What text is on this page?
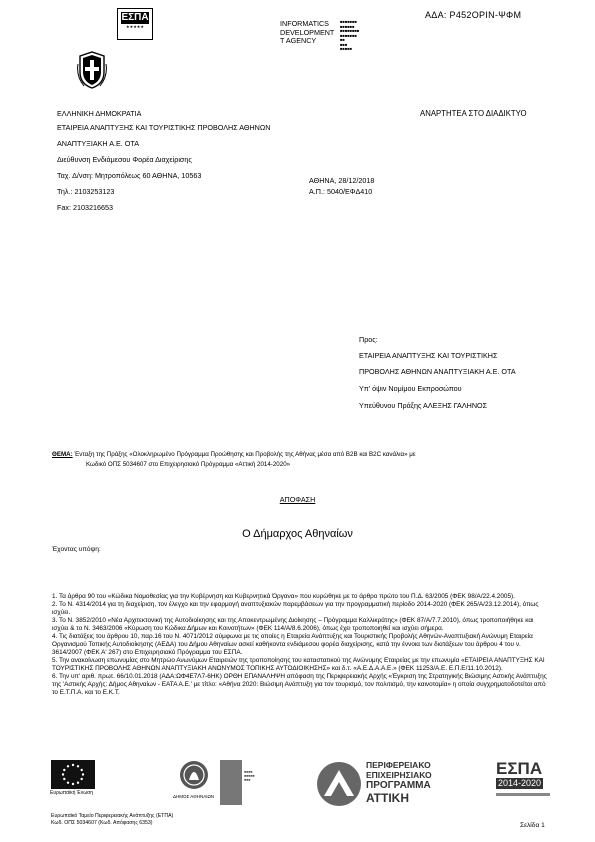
ΕΣΠΑ
★★★★★	INFORMATICS
DEVELOPMENT
T AGENCY
■■■■■■■
■■■■■■
■■■■■■■■
■■■■■■■
■■
■■■
■■■■■
ΑΔΑ: Ρ452ΟΡΙΝ-ΨΦΜ
ΕΛΛΗΝΙΚΗ ΔΗΜΟΚΡΑΤΙΑ
ΕΤΑΙΡΕΙΑ ΑΝΑΠΤΥΞΗΣ ΚΑΙ ΤΟΥΡΙΣΤΙΚΗΣ ΠΡΟΒΟΛΗΣ ΑΘΗΝΩΝ
ΑΝΑΠΤΥΞΙΑΚΗ Α.Ε. ΟΤΑ
Διεύθυνση Ενδιάμεσου Φορέα Διαχείρισης
Ταχ. Δ/νση: Μητροπόλεως 60 ΑΘΗΝΑ, 10563
Τηλ.: 2103253123
Fax: 2103216653
ΑΝΑΡΤΗΤΕΑ ΣΤΟ ΔΙΑΔΙΚΤΥΟ
ΑΘΗΝΑ, 28/12/2018
Α.Π.: 5040/ΕΦΔ410
Προς:
ΕΤΑΙΡΕΙΑ ΑΝΑΠΤΥΞΗΣ ΚΑΙ ΤΟΥΡΙΣΤΙΚΗΣ
ΠΡΟΒΟΛΗΣ ΑΘΗΝΩΝ ΑΝΑΠΤΥΞΙΑΚΗ Α.Ε. ΟΤΑ
Υπ' όψιν Νομίμου Εκπροσώπου
Υπεύθυνου Πράξης ΑΛΕΞΗΣ ΓΑΛΗΝΟΣ
ΘΕΜΑ: Ένταξη της Πράξης «Ολοκληρωμένο Πρόγραμμα Προώθησης και Προβολής της Αθήνας μέσα από B2B και B2C κανάλια» με
Κωδικό ΟΠΣ 5034607 στο Επιχειρησιακό Πρόγραμμα «Αττική 2014-2020»
ΑΠΟΦΑΣΗ
Ο Δήμαρχος Αθηναίων
Έχοντας υπόψη:
1. Τα άρθρα 90 του «Κώδικα Νομοθεσίας για την Κυβέρνηση και Κυβερνητικά Όργανα» που κυρώθηκε με το άρθρο πρώτο του Π.Δ. 63/2005 (ΦΕΚ 98/Α/22.4.2005).
2. Το Ν. 4314/2014 για τη διαχείριση, τον έλεγχο και την εφαρμογή αναπτυξιακών παρεμβάσεων για την προγραμματική περίοδο 2014-2020 (ΦΕΚ 265/Α/23.12.2014), όπως ισχύει.
3. Το Ν. 3852/2010 «Νέα Αρχιτεκτονική της Αυτοδιοίκησης και της Αποκεντρωμένης Διοίκησης – Πρόγραμμα Καλλικράτης» (ΦΕΚ 87/Α/7.7.2010), όπως τροποποιήθηκε και ισχύει & το Ν. 3463/2006 «Κύρωση του Κώδικα Δήμων και Κοινοτήτων» (ΦΕΚ 114/Α/8.6.2006), όπως έχει τροποποιηθεί και ισχύει σήμερα.
4. Τις διατάξεις του άρθρου 10, παρ.16 του Ν. 4071/2012 σύμφωνα με τις οποίες η Εταιρεία Ανάπτυξης και Τουριστικής Προβολής Αθηνών-Αναπτυξιακή Ανώνυμη Εταιρεία Οργανισμού Τοπικής Αυτοδιοίκησης (ΑΕΔΑ) του Δήμου Αθηναίων ασκεί καθήκοντα ενδιάμεσου φορέα διαχείρισης, κατά την έννοια των διατάξεων του άρθρου 4 του ν. 3614/2007 (ΦΕΚ Α' 267) στο Επιχειρησιακό Πρόγραμμα του ΕΣΠΑ.
5. Την ανακοίνωση επωνυμίας στο Μητρώο Ανωνύμων Εταιρειών της τροποποίησης του καταστατικού της Ανώνυμης Εταιρείας με την επωνυμία «ΕΤΑΙΡΕΙΑ ΑΝΑΠΤΥΞΗΣ ΚΑΙ ΤΟΥΡΙΣΤΙΚΗΣ ΠΡΟΒΟΛΗΣ ΑΘΗΝΩΝ ΑΝΑΠΤΥΞΙΑΚΗ ΑΝΩΝΥΜΟΣ ΤΟΠΙΚΗΣ ΑΥΤΟΔΙΟΙΚΗΣΗΣ» και δ.τ. «Α.Ε.Δ.Α.Α.Ε.» (ΦΕΚ 11253/Α.Ε. Ε.Π.Ε/11.10.2012).
6. Την υπ' αριθ. πρωτ. 66/10.01.2018 (ΑΔΑ:ΩΦ4Ε7Λ7-6ΗΚ) ΟΡΘΗ ΕΠΑΝΑΛΗΨΗ απόφαση της Περιφερειακής Αρχής «Έγκριση της Στρατηγικής Βιώσιμης Αστικής Ανάπτυξης της 'Αστικής Αρχής: Δήμος Αθηναίων - ΕΑΤΑ Α.Ε.' με τίτλο: «Αθήνα 2020: Βιώσιμη Ανάπτυξη για τον τουρισμό, τον πολιτισμό, την καινοτομία» η οποία συγχρηματοδοτείται από το Ε.Τ.Π.Α. και το Ε.Κ.Τ.
Ευρωπαϊκή Ένωση
ΔΗΜΟΣ ΑΘΗΝΑΙΩΝ
■■■■
■■■■■
■■■
ΠΕΡΙΦΕΡΕΙΑΚΟ
ΕΠΙΧΕΙΡΗΣΙΑΚΟ
ΠΡΟΓΡΑΜΜΑ
ΑΤΤΙΚΗ
ΕΣΠΑ
2014-2020
Ευρωπαϊκό Ταμείο Περιφερειακής Ανάπτυξης (ΕΤΠΑ)
Κωδ. ΟΠΣ 5034607 (Κωδ. Απόφασης 6353)	Σελίδα 1
